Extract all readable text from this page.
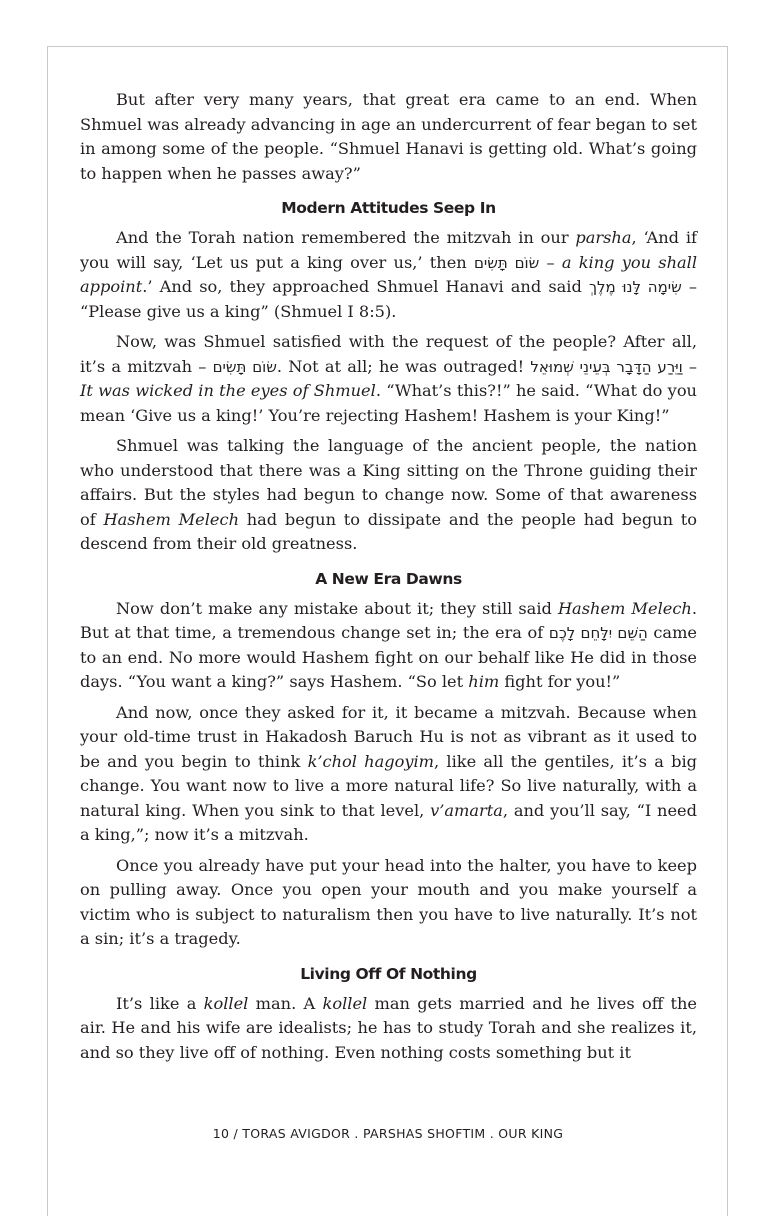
But after very many years, that great era came to an end. When Shmuel was already advancing in age an undercurrent of fear began to set in among some of the people. “Shmuel Hanavi is getting old. What’s going to happen when he passes away?”

Modern Attitudes Seep In

And the Torah nation remembered the mitzvah in our parsha, ‘And if you will say, ‘Let us put a king over us,’ then שׂוֹם תָּשִׂים – a king you shall appoint.’ And so, they approached Shmuel Hanavi and said שִׂימָה לָּנוּ מֶלֶךְ – “Please give us a king” (Shmuel I 8:5).

Now, was Shmuel satisfied with the request of the people? After all, it’s a mitzvah – שׂוֹם תָּשִׂים. Not at all; he was outraged! וַיֵּרַע הַדָּבָר בְּעֵינֵי שְׁמוּאֵל – It was wicked in the eyes of Shmuel. “What’s this?!” he said. “What do you mean ‘Give us a king!’ You’re rejecting Hashem! Hashem is your King!”

Shmuel was talking the language of the ancient people, the nation who understood that there was a King sitting on the Throne guiding their affairs. But the styles had begun to change now. Some of that awareness of Hashem Melech had begun to dissipate and the people had begun to descend from their old greatness.

A New Era Dawns

Now don’t make any mistake about it; they still said Hashem Melech. But at that time, a tremendous change set in; the era of הַשֵּׁם יִלָּחֵם לָכֶם came to an end. No more would Hashem fight on our behalf like He did in those days. “You want a king?” says Hashem. “So let him fight for you!”

And now, once they asked for it, it became a mitzvah. Because when your old-time trust in Hakadosh Baruch Hu is not as vibrant as it used to be and you begin to think k’chol hagoyim, like all the gentiles, it’s a big change. You want now to live a more natural life? So live naturally, with a natural king. When you sink to that level, v’amarta, and you’ll say, “I need a king,”; now it’s a mitzvah.

Once you already have put your head into the halter, you have to keep on pulling away. Once you open your mouth and you make yourself a victim who is subject to naturalism then you have to live naturally. It’s not a sin; it’s a tragedy.

Living Off Of Nothing

It’s like a kollel man. A kollel man gets married and he lives off the air. He and his wife are idealists; he has to study Torah and she realizes it, and so they live off of nothing. Even nothing costs something but it

10 / TORAS AVIGDOR . PARSHAS SHOFTIM . OUR KING
